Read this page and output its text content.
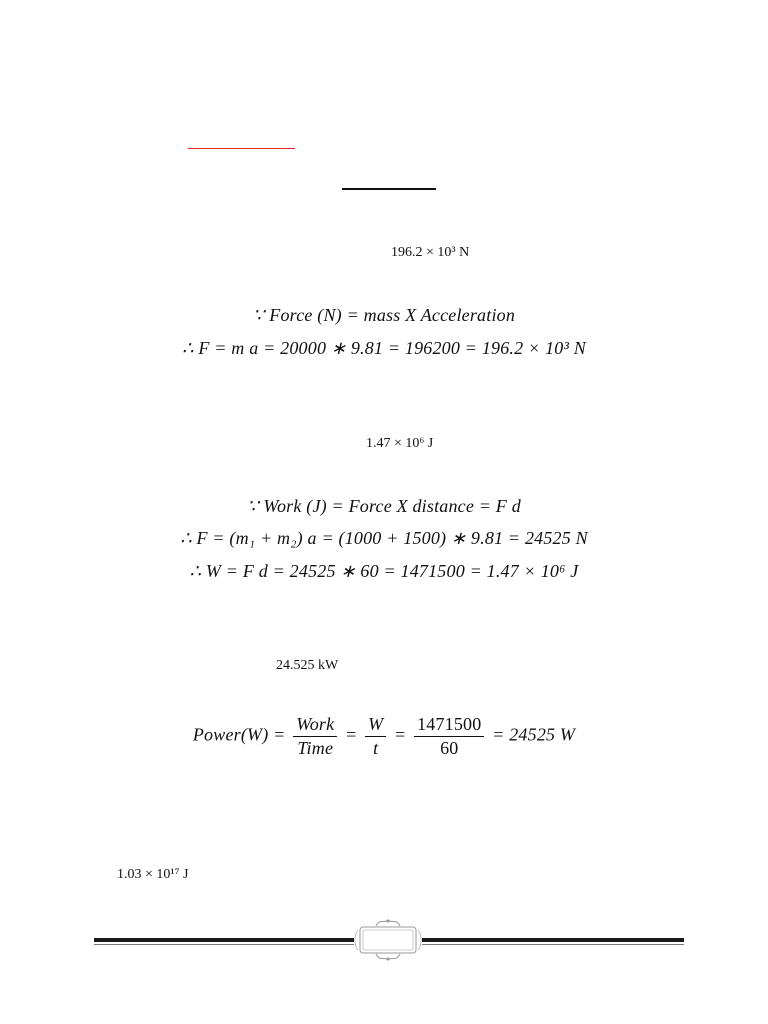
196.2 × 10³ N
∵ Force (N) = mass X Acceleration
∴ F = m a = 20000 ∗ 9.81 = 196200 = 196.2 × 10³ N
1.47 × 10⁶ J
∵ Work (J) = Force X distance = F d
∴ F = (m₁ + m₂) a = (1000 + 1500) ∗ 9.81 = 24525 N
∴ W = F d = 24525 ∗ 60 = 1471500 = 1.47 × 10⁶ J
24.525 kW
Power(W) = $\frac{\text{Work}}{\text{Time}} = \frac{W}{t} = \frac{1471500}{60} = 24525$ W
1.03 × 10¹⁷ J
